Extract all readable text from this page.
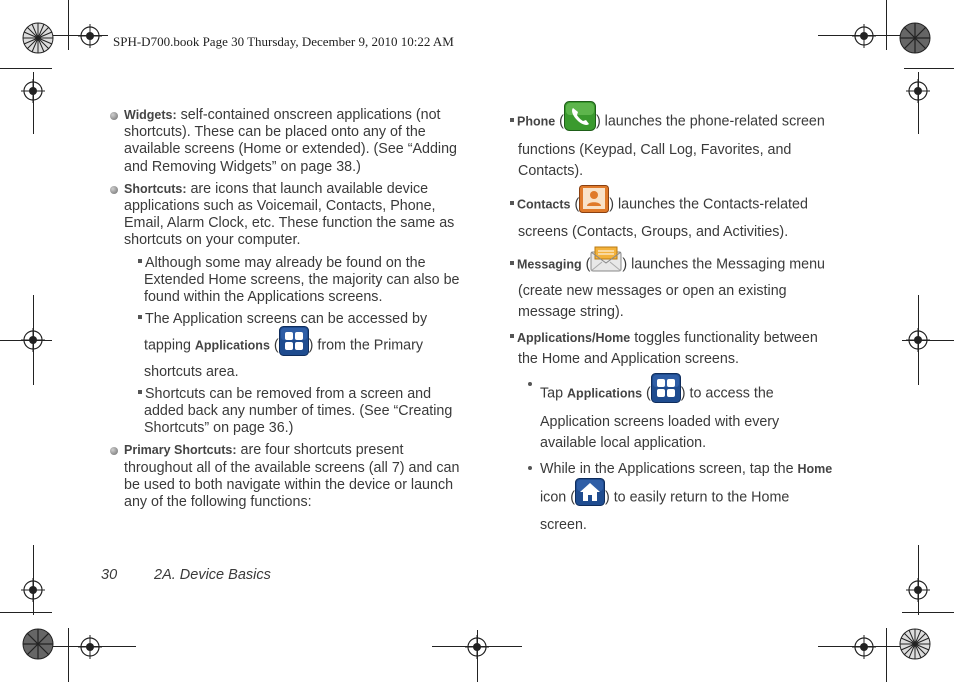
SPH-D700.book Page 30 Thursday, December 9, 2010 10:22 AM
Widgets: self-contained onscreen applications (not shortcuts). These can be placed onto any of the available screens (Home or extended). (See “Adding and Removing Widgets” on page 38.)
Shortcuts: are icons that launch available device applications such as Voicemail, Contacts, Phone, Email, Alarm Clock, etc. These function the same as shortcuts on your computer.
Although some may already be found on the Extended Home screens, the majority can also be found within the Applications screens.
The Application screens can be accessed by tapping Applications ( ) from the Primary shortcuts area.
Shortcuts can be removed from a screen and added back any number of times. (See “Creating Shortcuts” on page 36.)
Primary Shortcuts: are four shortcuts present throughout all of the available screens (all 7) and can be used to both navigate within the device or launch any of the following functions:
Phone ( ) launches the phone-related screen functions (Keypad, Call Log, Favorites, and Contacts).
Contacts ( ) launches the Contacts-related screens (Contacts, Groups, and Activities).
Messaging ( ) launches the Messaging menu (create new messages or open an existing message string).
Applications/Home toggles functionality between the Home and Application screens.
Tap Applications ( ) to access the Application screens loaded with every available local application.
While in the Applications screen, tap the Home icon ( ) to easily return to the Home screen.
30	2A. Device Basics
